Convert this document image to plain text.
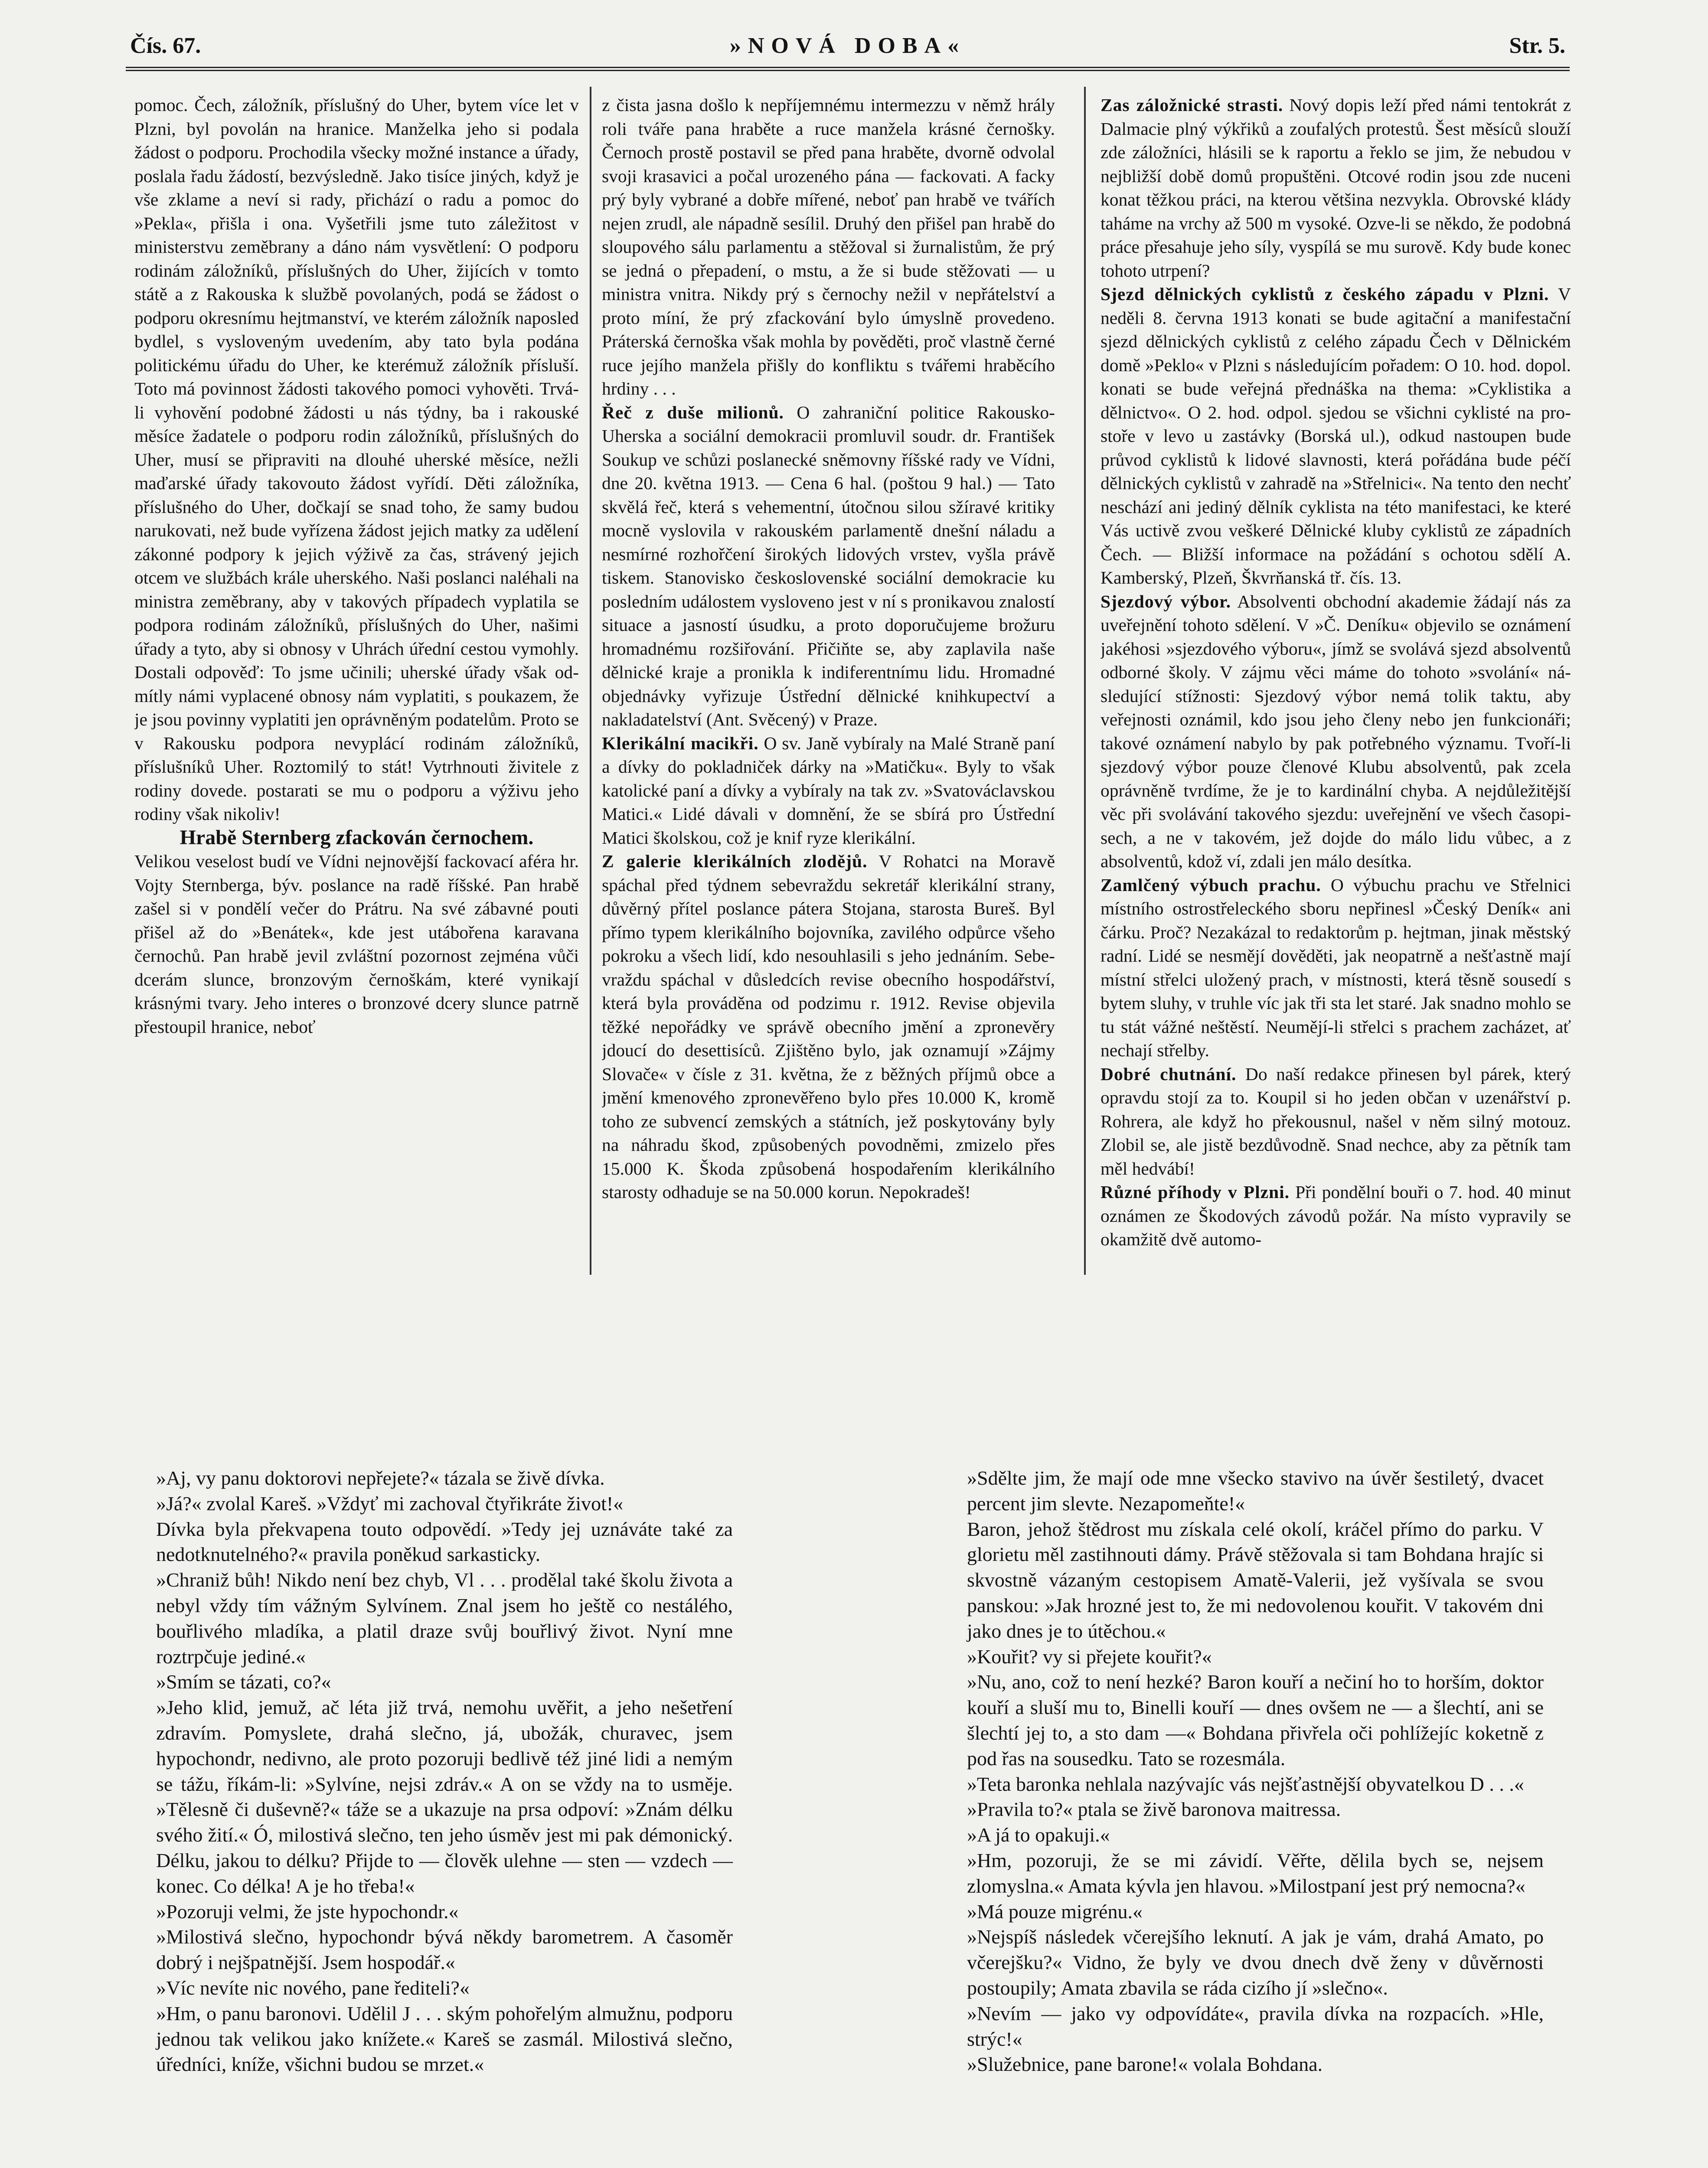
»NOVÁ DOBA«
Čís. 67.	Str. 5.

pomoc. Čech, záložník, příslušný do Uher, bytem více let v Plzni, byl povolán na hranice. Manželka jeho si podala žádost o podporu. Prochodila všecky možné instance a úřady, poslala řadu žádostí, bezvýsledně. Jako tisíce jiných, když je vše zklame a neví si rady, přichází o radu a pomoc do »Pekla«, přišla i ona. Vyšetřili jsme tuto záležitost v ministerstvu zeměbrany a dáno nám vysvětlení: O podporu rodinám záložníků, příslušných do Uher, žijících v tomto státě a z Rakouska k službě povolaných, podá se žádost o podporu okresnímu hejtmanství, ve kterém záložník naposled bydlel, s vysloveným uvedením, aby tato byla podána politickému úřadu do Uher, ke kterémuž záložník přísluší. Toto má povinnost žádosti takového pomoci vyhověti. Trvá-li vyhovění podobné žádosti u nás týdny, ba i rakouské měsíce žadatele o podporu rodin záložníků, příslušných do Uher, musí se připraviti na dlouhé uherské měsíce, nežli maďarské úřady takovouto žádost vyřídí. Děti záložníka, příslušného do Uher, dočkají se snad toho, že samy budou narukovati, než bude vyřízena žádost jejich matky za udělení zákonné podpory k jejich výživě za čas, strávený jejich otcem ve službách krále uherského. Naši poslanci naléhali na ministra zeměbrany, aby v takových případech vyplatila se podpora rodinám záložníků, příslušných do Uher, našimi úřady a tyto, aby si obnosy v Uhrách úřední cestou vymohly. Dostali odpověď: To jsme učinili; uherské úřady však odmítly námi vyplacené obnosy nám vyplatiti, s poukazem, že je jsou povinny vyplatiti jen oprávněným podatelům. Proto se v Rakousku podpora nevyplácí rodinám záložníků, příslušníků Uher. Roztomilý to stát! Vytrhnouti živitele z rodiny dovede. postarati se mu o podporu a výživu jeho rodiny však nikoliv!

Hrabě Sternberg zfackován černochem.

Velikou veselost budí ve Vídni nejnovější fackovací aféra hr. Vojty Sternberga, býv. poslance na radě říšské. Pan hrabě zašel si v pondělí večer do Prátru. Na své zábavné pouti přišel až do »Benátek«, kde jest utábořena karavana černochů. Pan hrabě jevil zvláštní pozornost zejména vůči dcerám slunce, bronzovým černoškám, které vynikají krásnými tvary. Jeho interes o bronzové dcery slunce patrně přestoupil hranice, neboť

z čista jasna došlo k nepříjemnému intermezzu v němž hrály roli tváře pana hraběte a ruce manžela krásné černošky. Černoch prostě postavil se před pana hraběte, dvorně odvolal svoji krasavici a počal urozeného pána — fackovati. A facky prý byly vybrané a dobře mířené, neboť pan hrabě ve tvářích nejen zrudl, ale nápadně sesílil. Druhý den přišel pan hrabě do sloupového sálu parlamentu a stěžoval si žurnalistům, že prý se jedná o přepadení, o mstu, a že si bude stěžovati — u ministra vnitra. Nikdy prý s černochy nežil v nepřátelství a proto míní, že prý zfackování bylo úmyslně provedeno. Práterská černoška však mohla by pověděti, proč vlastně černé ruce jejího manžela přišly do konfliktu s tvářemi hraběcího hrdiny . . .

Řeč z duše milionů. O zahraniční politice Rakousko-Uherska a sociální demokracii promluvil soudr. dr. František Soukup ve schůzi poslanecké sněmovny říšské rady ve Vídni, dne 20. května 1913. — Cena 6 hal. (poštou 9 hal.) — Tato skvělá řeč, která s vehementní, útočnou silou sžíravé kritiky mocně vyslovila v rakouském parlamentě dnešní náladu a nesmírné rozhořčení širokých lidových vrstev, vyšla právě tiskem. Stanovisko československé sociální demokracie ku posledním událostem vysloveno jest v ní s pronikavou znalostí situace a jasností úsudku, a proto doporučujeme brožuru hromadnému rozšiřování. Přičiňte se, aby zaplavila naše dělnické kraje a pronikla k indiferentnímu lidu. Hromadné objednávky vyřizuje Ústřední dělnické knihkupectví a nakladatelství (Ant. Svěcený) v Praze.

Klerikální macikři. O sv. Janě vybíraly na Malé Straně paní a dívky do pokladniček dárky na »Matičku«. Byly to však katolické paní a dívky a vybíraly na tak zv. »Svatováclavskou Matici.« Lidé dávali v domnění, že se sbírá pro Ústřední Matici školskou, což je knif ryze klerikální.

Z galerie klerikálních zlodějů. V Rohatci na Moravě spáchal před týdnem sebevraždu sekretář klerikální strany, důvěrný přítel poslance pátera Stojana, starosta Bureš. Byl přímo typem klerikálního bojovníka, zavilého odpůrce všeho pokroku a všech lidí, kdo nesouhlasili s jeho jednáním. Sebevraždu spáchal v důsledcích revise obecního hospodářství, která byla prováděna od podzimu r. 1912. Revise objevila těžké nepořádky ve správě obecního jmění a zpronevěry jdoucí do desettisíců. Zjištěno bylo, jak oznamují »Zájmy Slovače« v čísle z 31. května, že z běžných příjmů obce a jmění kmenového zpronevěřeno bylo přes 10.000 K, kromě toho ze subvencí zemských a státních, jež poskytovány byly na náhradu škod, způsobených povodněmi, zmizelo přes 15.000 K. Škoda způsobená hospodařením klerikálního starosty odhaduje se na 50.000 korun. Nepokradeš!

Zas záložnické strasti. Nový dopis leží před námi tentokrát z Dalmacie plný výkřiků a zoufalých protestů. Šest měsíců slouží zde záložníci, hlásili se k raportu a řeklo se jim, že nebudou v nejbližší době domů propuštěni. Otcové rodin jsou zde nuceni konat těžkou práci, na kterou většina nezvykla. Obrovské klády taháme na vrchy až 500 m vysoké. Ozve-li se někdo, že podobná práce přesahuje jeho síly, vyspílá se mu surově. Kdy bude konec tohoto utrpení?

Sjezd dělnických cyklistů z českého západu v Plzni. V neděli 8. června 1913 konati se bude agitační a manifestační sjezd dělnických cyklistů z celého západu Čech v Dělnickém domě »Peklo« v Plzni s následujícím pořadem: O 10. hod. dopol. konati se bude veřejná přednáška na thema: »Cyklistika a dělnictvo«. O 2. hod. odpol. sjedou se všichni cyklisté na prostoře v levo u zastávky (Borská ul.), odkud nastoupen bude průvod cyklistů k lidové slavnosti, která pořádána bude péčí dělnických cyklistů v zahradě na »Střelnici«. Na tento den nechť neschází ani jediný dělník cyklista na této manifestaci, ke které Vás uctivě zvou veškeré Dělnické kluby cyklistů ze západních Čech. — Bližší informace na požádání s ochotou sdělí A. Kamberský, Plzeň, Škvrňanská tř. čís. 13.

Sjezdový výbor. Absolventi obchodní akademie žádají nás za uveřejnění tohoto sdělení. V »Č. Deníku« objevilo se oznámení jakéhosi »sjezdového výboru«, jímž se svolává sjezd absolventů odborné školy. V zájmu věci máme do tohoto »svolání« následující stížnosti: Sjezdový výbor nemá tolik taktu, aby veřejnosti oznámil, kdo jsou jeho členy nebo jen funkcionáři; takové oznámení nabylo by pak potřebného významu. Tvoří-li sjezdový výbor pouze členové Klubu absolventů, pak zcela oprávněně tvrdíme, že je to kardinální chyba. A nejdůležitější věc při svolávání takového sjezdu: uveřejnění ve všech časopisech, a ne v takovém, jež dojde do málo lidu vůbec, a z absolventů, kdož ví, zdali jen málo desítka.

Zamlčený výbuch prachu. O výbuchu prachu ve Střelnici místního ostrostřeleckého sboru nepřinesl »Český Deník« ani čárku. Proč? Nezakázal to redaktorům p. hejtman, jinak městský radní. Lidé se nesmějí dověděti, jak neopatrně a nešťastně mají místní střelci uložený prach, v místnosti, která těsně sousedí s bytem sluhy, v truhle víc jak tři sta let staré. Jak snadno mohlo se tu stát vážné neštěstí. Neumějí-li střelci s prachem zacházet, ať nechají střelby.

Dobré chutnání. Do naší redakce přinesen byl párek, který opravdu stojí za to. Koupil si ho jeden občan v uzenářství p. Rohrera, ale když ho překousnul, našel v něm silný motouz. Zlobil se, ale jistě bezdůvodně. Snad nechce, aby za pětník tam měl hedvábí!

Různé příhody v Plzni. Při pondělní bouři o 7. hod. 40 minut oznámen ze Škodových závodů požár. Na místo vypravily se okamžitě dvě automo-

»Aj, vy panu doktorovi nepřejete?« tázala se živě dívka.

»Já?« zvolal Kareš. »Vždyť mi zachoval čtyřikráte život!«

Dívka byla překvapena touto odpovědí. »Tedy jej uznáváte také za nedotknutelného?« pravila poněkud sarkasticky.

»Chraniž bůh! Nikdo není bez chyb, Vl . . . prodělal také školu života a nebyl vždy tím vážným Sylvínem. Znal jsem ho ještě co nestálého, bouřlivého mladíka, a platil draze svůj bouřlivý život. Nyní mne roztrpčuje jediné.«

»Smím se tázati, co?«

»Jeho klid, jemuž, ač léta již trvá, nemohu uvěřit, a jeho nešetření zdravím. Pomyslete, drahá slečno, já, ubožák, churavec, jsem hypochondr, nedivno, ale proto pozoruji bedlivě též jiné lidi a nemým se tážu, říkám-li: »Sylvíne, nejsi zdráv.« A on se vždy na to usměje. »Tělesně či duševně?« táže se a ukazuje na prsa odpoví: »Znám délku svého žití.« Ó, milostivá slečno, ten jeho úsměv jest mi pak démonický. Délku, jakou to délku? Přijde to — člověk ulehne — sten — vzdech — konec. Co délka! A je ho třeba!«

»Pozoruji velmi, že jste hypochondr.«

»Milostivá slečno, hypochondr bývá někdy barometrem. A časoměr dobrý i nejšpatnější. Jsem hospodář.«

»Víc nevíte nic nového, pane řediteli?«

»Hm, o panu baronovi. Udělil J . . . ským pohořelým almužnu, podporu jednou tak velikou jako knížete.« Kareš se zasmál. Milostivá slečno, úředníci, kníže, všichni budou se mrzet.«

»Sdělte jim, že mají ode mne všecko stavivo na úvěr šestiletý, dvacet percent jim slevte. Nezapomeňte!«

Baron, jehož štědrost mu získala celé okolí, kráčel přímo do parku. V glorietu měl zastihnouti dámy. Právě stěžovala si tam Bohdana hrajíc si skvostně vázaným cestopisem Amatě-Valerii, jež vyšívala se svou panskou: »Jak hrozné jest to, že mi nedovolenou kouřit. V takovém dni jako dnes je to útěchou.«

»Kouřit? vy si přejete kouřit?«

»Nu, ano, což to není hezké? Baron kouří a nečiní ho to horším, doktor kouří a sluší mu to, Binelli kouří — dnes ovšem ne — a šlechtí, ani se šlechtí jej to, a sto dam —« Bohdana přivřela oči pohlížejíc koketně z pod řas na sousedku. Tato se rozesmála.

»Teta baronka nehlala nazývajíc vás nejšťastnější obyvatelkou D . . .«

»Pravila to?« ptala se živě baronova maitressa.

»A já to opakuji.«

»Hm, pozoruji, že se mi závidí. Věřte, dělila bych se, nejsem zlomyslna.« Amata kývla jen hlavou. »Milostpaní jest prý nemocna?«

»Má pouze migrénu.«

»Nejspíš následek včerejšího leknutí. A jak je vám, drahá Amato, po včerejšku?« Vidno, že byly ve dvou dnech dvě ženy v důvěrnosti postoupily; Amata zbavila se ráda cizího jí »slečno«.

»Nevím — jako vy odpovídáte«, pravila dívka na rozpacích. »Hle, strýc!«

»Služebnice, pane barone!« volala Bohdana.
